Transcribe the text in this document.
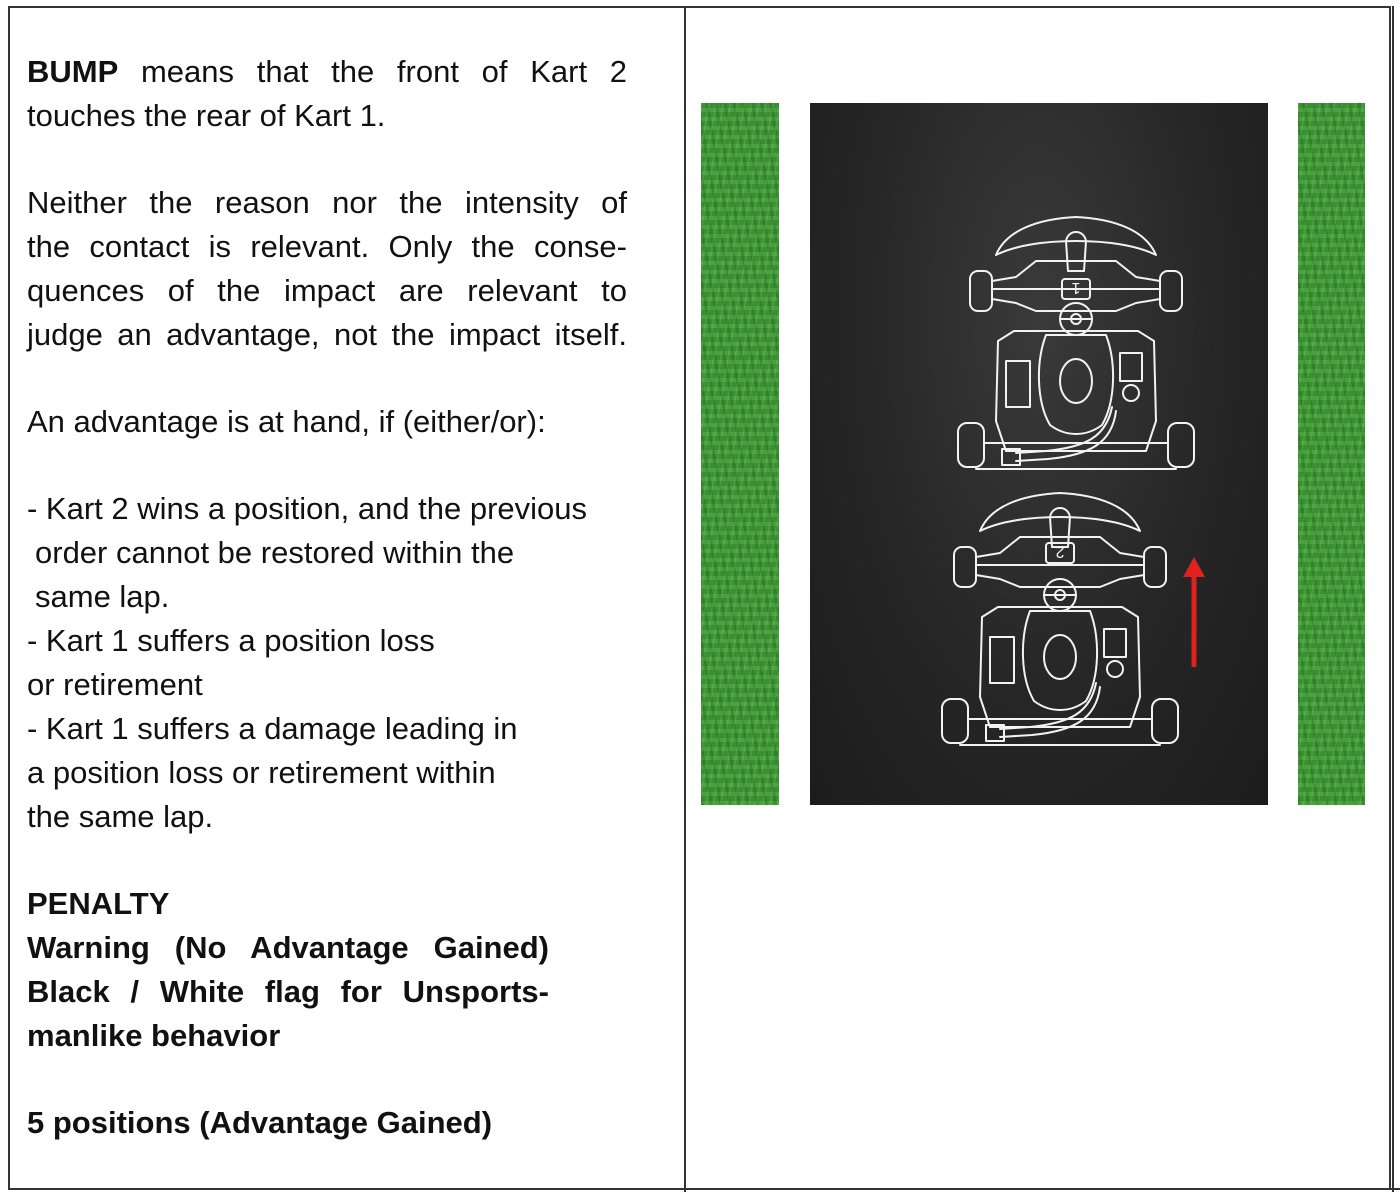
BUMP means that the front of Kart 2
touches the rear of Kart 1.
Neither the reason nor the intensity of
the contact is relevant. Only the conse-
quences of the impact are relevant to
judge an advantage, not the impact itself.
An advantage is at hand, if (either/or):
- Kart 2 wins a position, and the previous
order cannot be restored within the
same lap.
- Kart 1 suffers a position loss
or retirement
- Kart 1 suffers a damage leading in
a position loss or retirement within
the same lap.
PENALTY
Warning (No Advantage Gained)
Black / White flag for Unsports-
manlike behavior
5 positions (Advantage Gained)
1
2
